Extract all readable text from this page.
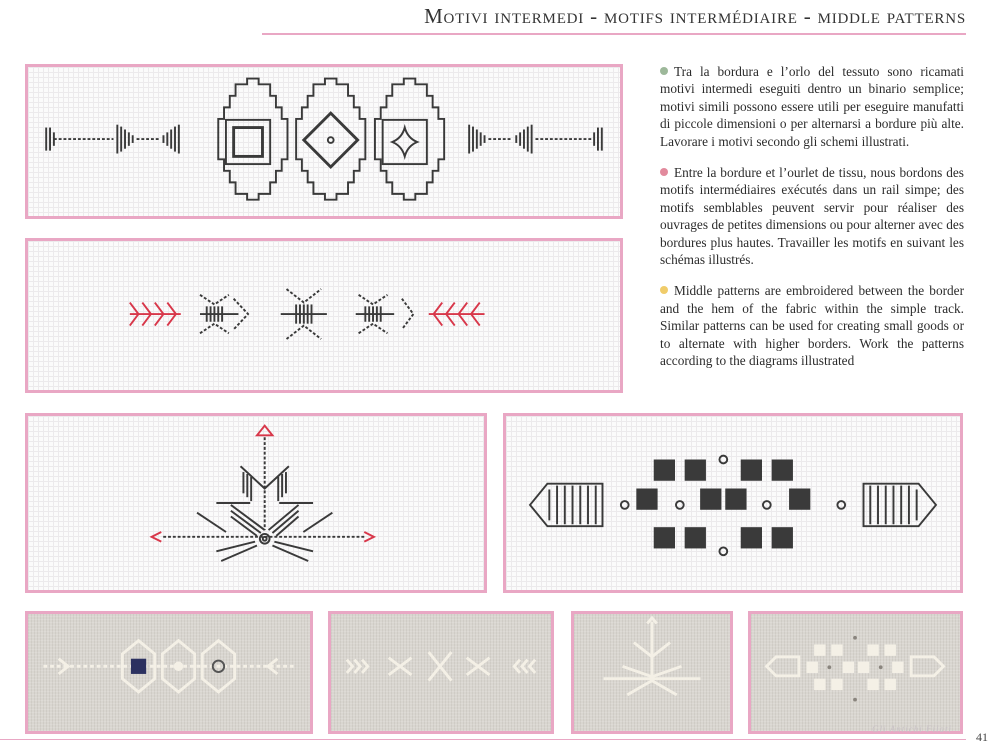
Motivi intermedi - motifs intermédiaire - middle patterns

Tra la bordura e l’orlo del tessuto sono ricamati motivi intermedi eseguiti dentro un binario semplice; motivi simili possono essere utili per eseguire manufatti di piccole dimensioni o per alternarsi a bordure più alte. Lavorare i motivi secondo gli schemi illustrati.

Entre la bordure et l’ourlet de tissu, nous bordons des motifs intermédiaires exécutés dans un rail simpe; des motifs semblables peuvent servir pour réaliser des ouvrages de petites dimensions ou pour alterner avec des bordures plus hautes. Travailler les motifs en suivant les schémas illustrés.

Middle patterns are embroidered between the border and the hem of the fabric within the simple track. Similar patterns can be used for creating small goods or to alternate with higher borders. Work the patterns according to the diagrams illustrated

Gli Antichi Filati
41
